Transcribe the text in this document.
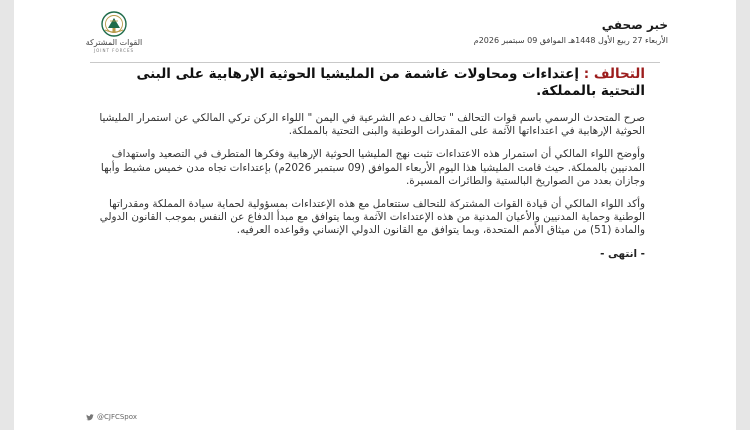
خبر صحفي
الأربعاء 27 ربيع الأول 1448هـ الموافق 09 سبتمبر 2026م
القوات المشتركة
JOINT FORCES

التحالف : إعتداءات ومحاولات غاشمة من المليشيا الحوثية الإرهابية على البنى التحتية بالمملكة.

صرح المتحدث الرسمي باسم قوات التحالف " تحالف دعم الشرعية في اليمن " اللواء الركن تركي المالكي عن استمرار المليشيا الحوثية الإرهابية في اعتداءاتها الآثمة على المقدرات الوطنية والبنى التحتية بالمملكة.

وأوضح اللواء المالكي أن استمرار هذه الاعتداءات تثبت نهج المليشيا الحوثية الإرهابية وفكرها المتطرف في التصعيد واستهداف المدنيين بالمملكة. حيث قامت المليشيا هذا اليوم الأربعاء الموافق (09 سبتمبر 2026م) بإعتداءات تجاه مدن خميس مشيط وأبها وجازان بعدد من الصواريخ البالستية والطائرات المسيرة.

وأكد اللواء المالكي أن قيادة القوات المشتركة للتحالف ستتعامل مع هذه الإعتداءات بمسؤولية لحماية سيادة المملكة ومقدراتها الوطنية وحماية المدنيين والأعيان المدنية من هذه الإعتداءات الآثمة وبما يتوافق مع مبدأ الدفاع عن النفس بموجب القانون الدولي والمادة (51) من ميثاق الأمم المتحدة، وبما يتوافق مع القانون الدولي الإنساني وقواعده العرفيه.

- انتهى -

@CJFCSpox
